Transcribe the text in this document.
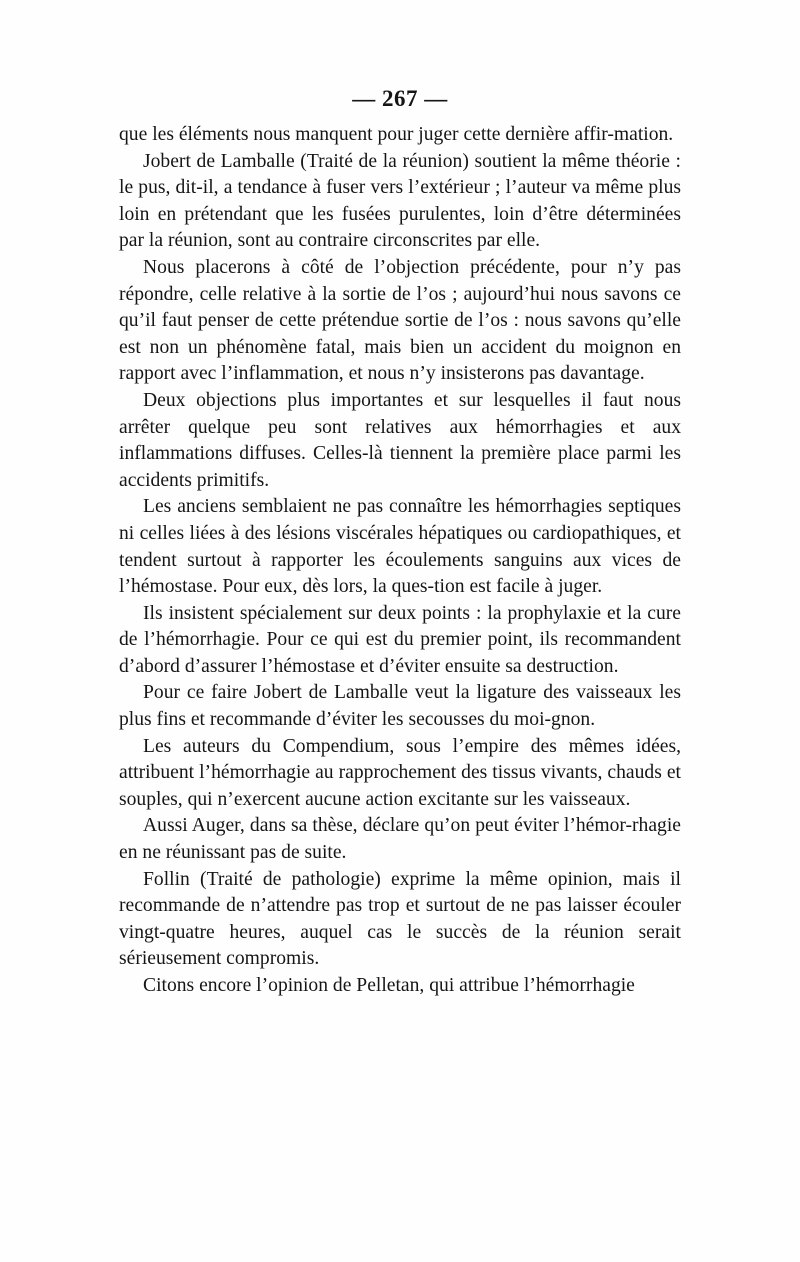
— 267 —

que les éléments nous manquent pour juger cette dernière affir-mation.

Jobert de Lamballe (Traité de la réunion) soutient la même théorie : le pus, dit-il, a tendance à fuser vers l’extérieur ; l’auteur va même plus loin en prétendant que les fusées purulentes, loin d’être déterminées par la réunion, sont au contraire circonscrites par elle.

Nous placerons à côté de l’objection précédente, pour n’y pas répondre, celle relative à la sortie de l’os ; aujourd’hui nous savons ce qu’il faut penser de cette prétendue sortie de l’os : nous savons qu’elle est non un phénomène fatal, mais bien un accident du moignon en rapport avec l’inflammation, et nous n’y insisterons pas davantage.

Deux objections plus importantes et sur lesquelles il faut nous arrêter quelque peu sont relatives aux hémorrhagies et aux inflammations diffuses. Celles-là tiennent la première place parmi les accidents primitifs.

Les anciens semblaient ne pas connaître les hémorrhagies septiques ni celles liées à des lésions viscérales hépatiques ou cardiopathiques, et tendent surtout à rapporter les écoulements sanguins aux vices de l’hémostase. Pour eux, dès lors, la ques-tion est facile à juger.

Ils insistent spécialement sur deux points : la prophylaxie et la cure de l’hémorrhagie. Pour ce qui est du premier point, ils recommandent d’abord d’assurer l’hémostase et d’éviter ensuite sa destruction.

Pour ce faire Jobert de Lamballe veut la ligature des vaisseaux les plus fins et recommande d’éviter les secousses du moi-gnon.

Les auteurs du Compendium, sous l’empire des mêmes idées, attribuent l’hémorrhagie au rapprochement des tissus vivants, chauds et souples, qui n’exercent aucune action excitante sur les vaisseaux.

Aussi Auger, dans sa thèse, déclare qu’on peut éviter l’hémor-rhagie en ne réunissant pas de suite.

Follin (Traité de pathologie) exprime la même opinion, mais il recommande de n’attendre pas trop et surtout de ne pas laisser écouler vingt-quatre heures, auquel cas le succès de la réunion serait sérieusement compromis.

Citons encore l’opinion de Pelletan, qui attribue l’hémorrhagie
